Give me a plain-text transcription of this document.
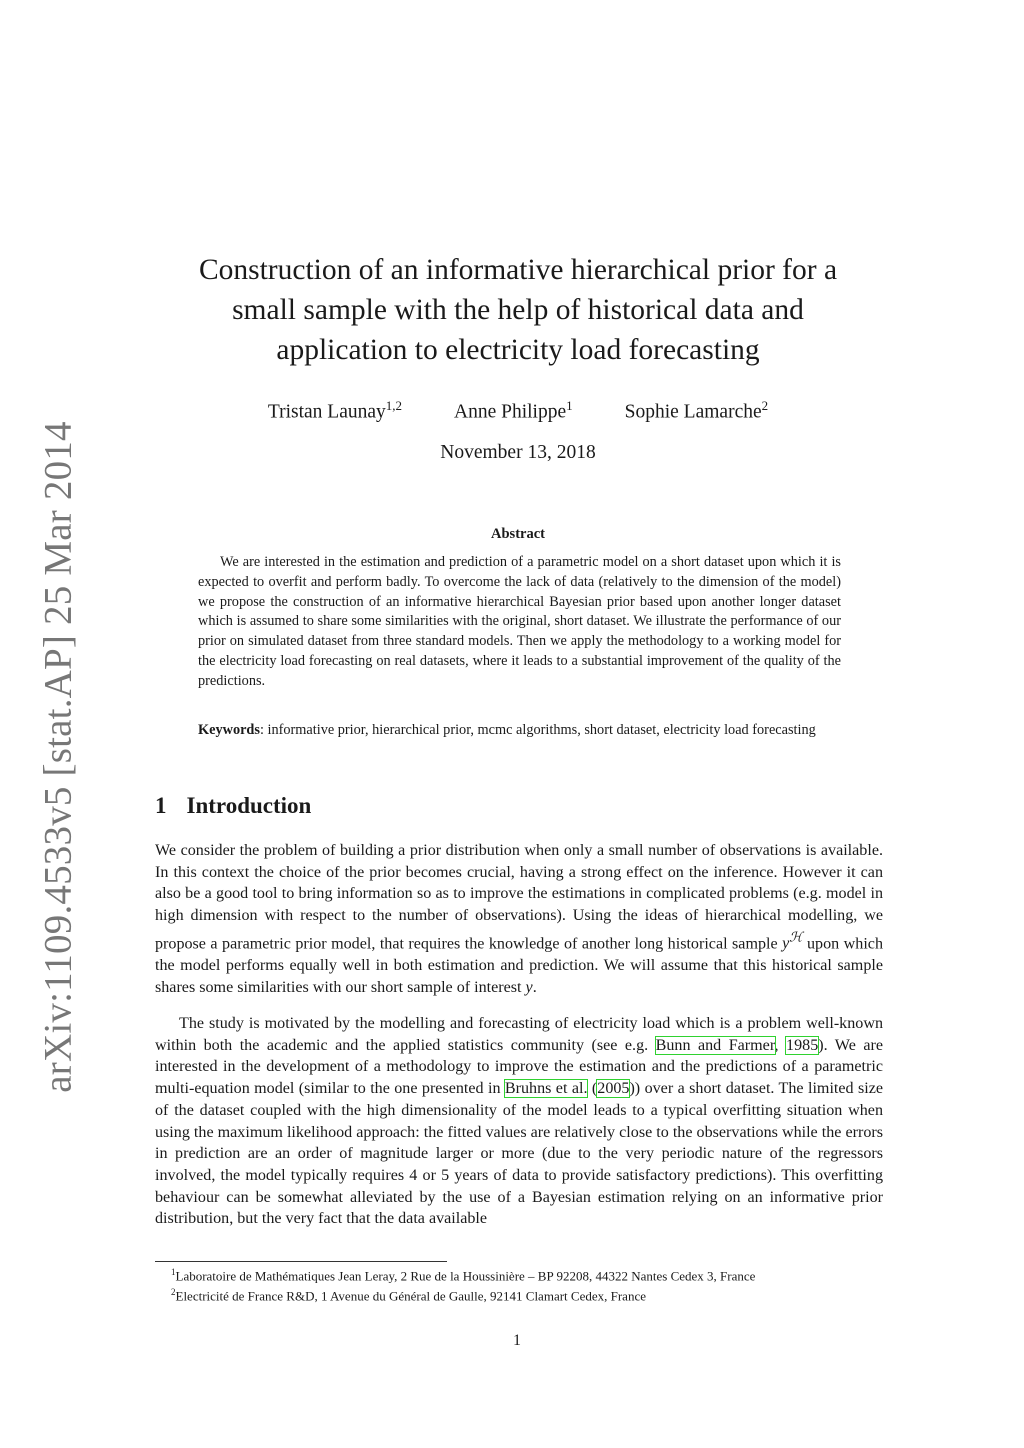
arXiv:1109.4533v5 [stat.AP] 25 Mar 2014
Construction of an informative hierarchical prior for a
small sample with the help of historical data and
application to electricity load forecasting
Tristan Launay$^{1,2}$	Anne Philippe$^1$	Sophie Lamarche$^2$
November 13, 2018
Abstract

We are interested in the estimation and prediction of a parametric model on a short dataset upon which it is expected to overfit and perform badly. To overcome the lack of data (relatively to the dimension of the model) we propose the construction of an informative hierarchical Bayesian prior based upon another longer dataset which is assumed to share some similarities with the original, short dataset. We illustrate the performance of our prior on simulated dataset from three standard models. Then we apply the methodology to a working model for the electricity load forecasting on real datasets, where it leads to a substantial improvement of the quality of the predictions.

Keywords: informative prior, hierarchical prior, mcmc algorithms, short dataset, electricity load forecasting

1 Introduction

We consider the problem of building a prior distribution when only a small number of observations is available. In this context the choice of the prior becomes crucial, having a strong effect on the inference. However it can also be a good tool to bring information so as to improve the estimations in complicated problems (e.g. model in high dimension with respect to the number of observations). Using the ideas of hierarchical modelling, we propose a parametric prior model, that requires the knowledge of another long historical sample $y^ℋ$ upon which the model performs equally well in both estimation and prediction. We will assume that this historical sample shares some similarities with our short sample of interest y.

The study is motivated by the modelling and forecasting of electricity load which is a problem well-known within both the academic and the applied statistics community (see e.g. Bunn and Farmer, 1985). We are interested in the development of a methodology to improve the estimation and the predictions of a parametric multi-equation model (similar to the one presented in Bruhns et al. (2005)) over a short dataset. The limited size of the dataset coupled with the high dimensionality of the model leads to a typical overfitting situation when using the maximum likelihood approach: the fitted values are relatively close to the observations while the errors in prediction are an order of magnitude larger or more (due to the very periodic nature of the regressors involved, the model typically requires 4 or 5 years of data to provide satisfactory predictions). This overfitting behaviour can be somewhat alleviated by the use of a Bayesian estimation relying on an informative prior distribution, but the very fact that the data available

$^1$Laboratoire de Mathématiques Jean Leray, 2 Rue de la Houssinière – BP 92208, 44322 Nantes Cedex 3, France
$^2$Electricité de France R&D, 1 Avenue du Général de Gaulle, 92141 Clamart Cedex, France
1
